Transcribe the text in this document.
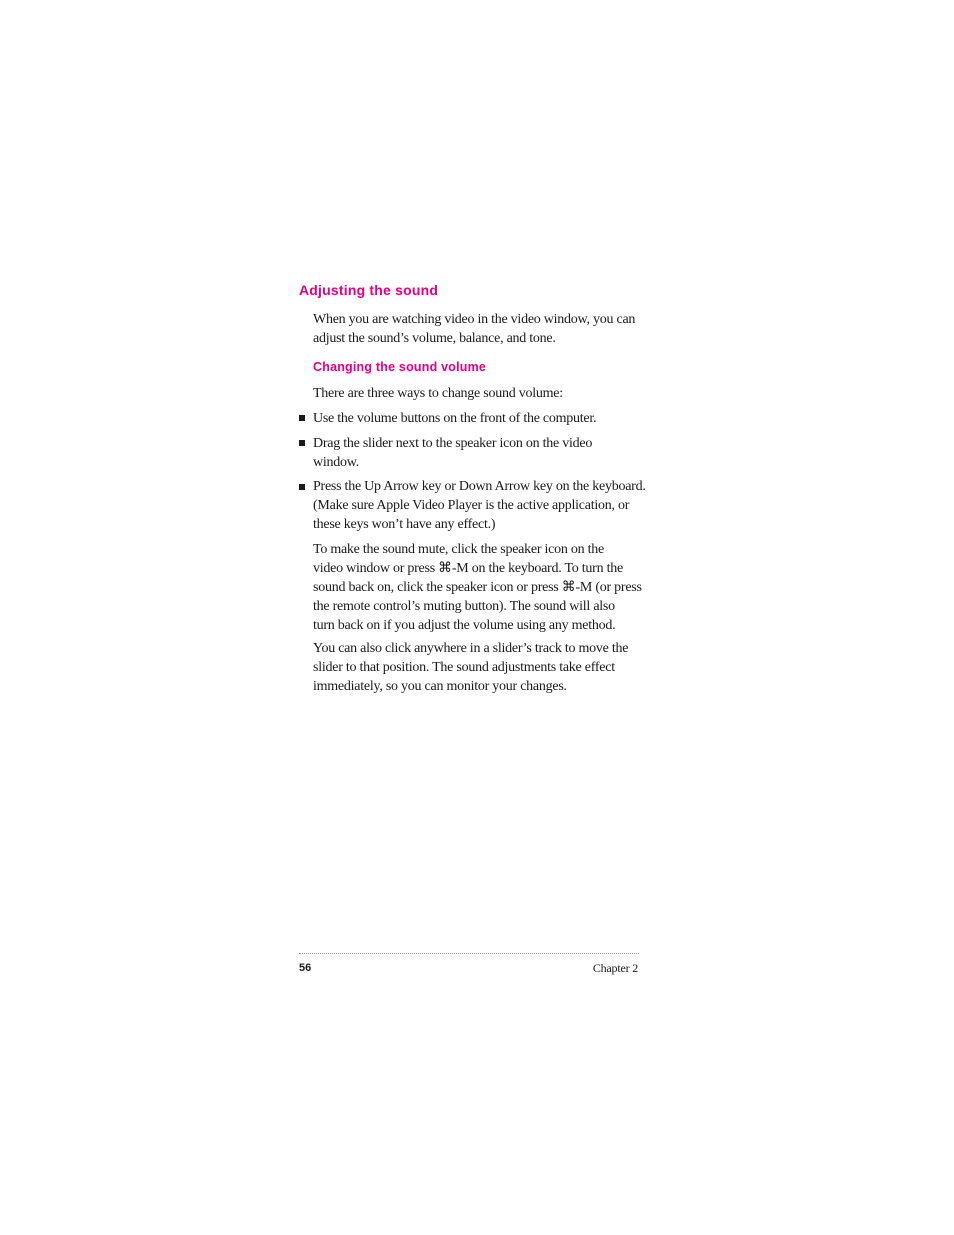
Adjusting the sound

When you are watching video in the video window, you can
adjust the sound’s volume, balance, and tone.

Changing the sound volume

There are three ways to change sound volume:

Use the volume buttons on the front of the computer.

Drag the slider next to the speaker icon on the video
window.

Press the Up Arrow key or Down Arrow key on the keyboard.
(Make sure Apple Video Player is the active application, or
these keys won’t have any effect.)

To make the sound mute, click the speaker icon on the
video window or press ⌘-M on the keyboard. To turn the
sound back on, click the speaker icon or press ⌘-M (or press
the remote control’s muting button). The sound will also
turn back on if you adjust the volume using any method.

You can also click anywhere in a slider’s track to move the
slider to that position. The sound adjustments take effect
immediately, so you can monitor your changes.

56	Chapter 2
